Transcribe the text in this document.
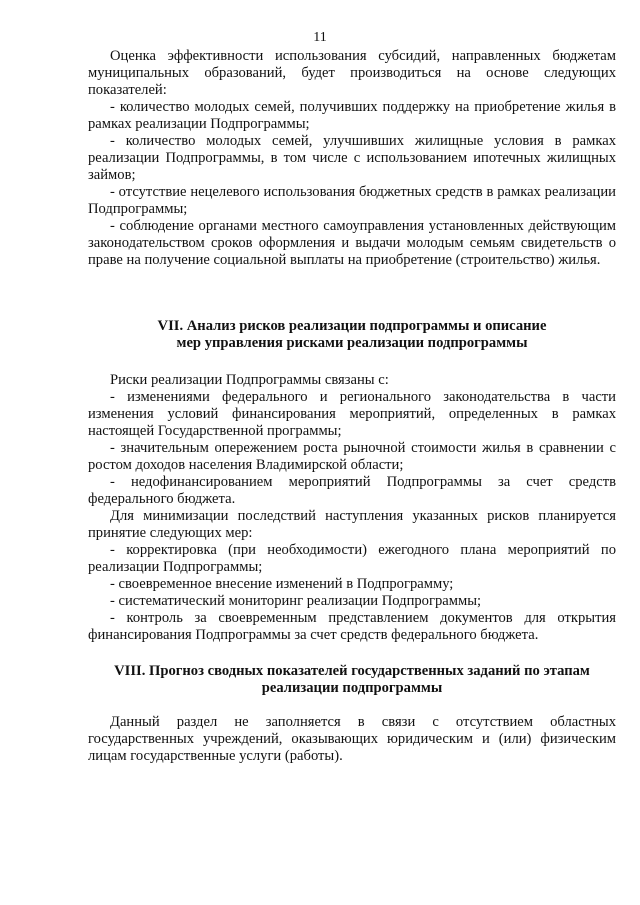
11

Оценка эффективности использования субсидий, направленных бюджетам муниципальных образований, будет производиться на основе следующих показателей:

- количество молодых семей, получивших поддержку на приобретение жилья в рамках реализации Подпрограммы;

- количество молодых семей, улучшивших жилищные условия в рамках реализации Подпрограммы, в том числе с использованием ипотечных жилищных займов;

- отсутствие нецелевого использования бюджетных средств в рамках реализации Подпрограммы;

- соблюдение органами местного самоуправления установленных действующим законодательством сроков оформления и выдачи молодым семьям свидетельств о праве на получение социальной выплаты на приобретение (строительство) жилья.

VII. Анализ рисков реализации подпрограммы и описание
мер управления рисками реализации подпрограммы

Риски реализации Подпрограммы связаны с:

- изменениями федерального и регионального законодательства в части изменения условий финансирования мероприятий, определенных в рамках настоящей Государственной программы;

- значительным опережением роста рыночной стоимости жилья в сравнении с ростом доходов населения Владимирской области;

- недофинансированием мероприятий Подпрограммы за счет средств федерального бюджета.

Для минимизации последствий наступления указанных рисков планируется принятие следующих мер:

- корректировка (при необходимости) ежегодного плана мероприятий по реализации Подпрограммы;

- своевременное внесение изменений в Подпрограмму;

- систематический мониторинг реализации Подпрограммы;

- контроль за своевременным представлением документов для открытия финансирования Подпрограммы за счет средств федерального бюджета.

VIII. Прогноз сводных показателей государственных заданий по этапам
реализации подпрограммы

Данный раздел не заполняется в связи с отсутствием областных государственных учреждений, оказывающих юридическим и (или) физическим лицам государственные услуги (работы).
